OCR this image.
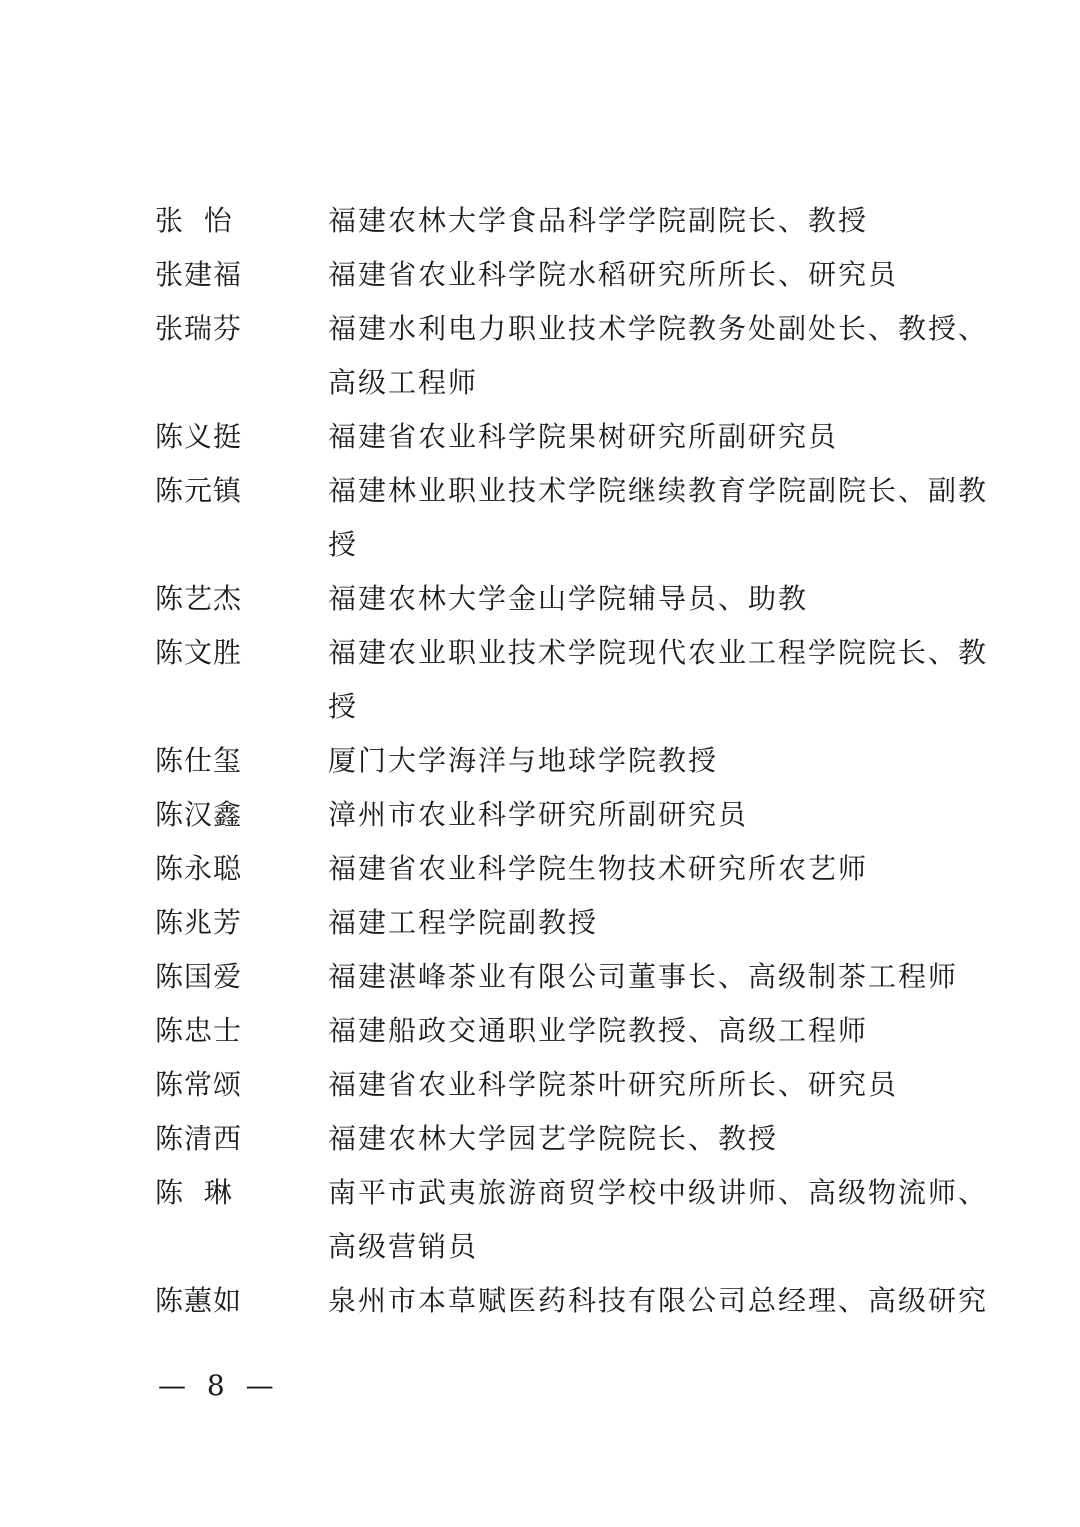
张  怡	福建农林大学食品科学学院副院长、教授
张建福	福建省农业科学院水稻研究所所长、研究员
张瑞芬	福建水利电力职业技术学院教务处副处长、教授、
高级工程师
陈义挺	福建省农业科学院果树研究所副研究员
陈元镇	福建林业职业技术学院继续教育学院副院长、副教
授
陈艺杰	福建农林大学金山学院辅导员、助教
陈文胜	福建农业职业技术学院现代农业工程学院院长、教
授
陈仕玺	厦门大学海洋与地球学院教授
陈汉鑫	漳州市农业科学研究所副研究员
陈永聪	福建省农业科学院生物技术研究所农艺师
陈兆芳	福建工程学院副教授
陈国爱	福建湛峰茶业有限公司董事长、高级制茶工程师
陈忠士	福建船政交通职业学院教授、高级工程师
陈常颂	福建省农业科学院茶叶研究所所长、研究员
陈清西	福建农林大学园艺学院院长、教授
陈  琳	南平市武夷旅游商贸学校中级讲师、高级物流师、
高级营销员
陈蕙如	泉州市本草赋医药科技有限公司总经理、高级研究
— 8 —
